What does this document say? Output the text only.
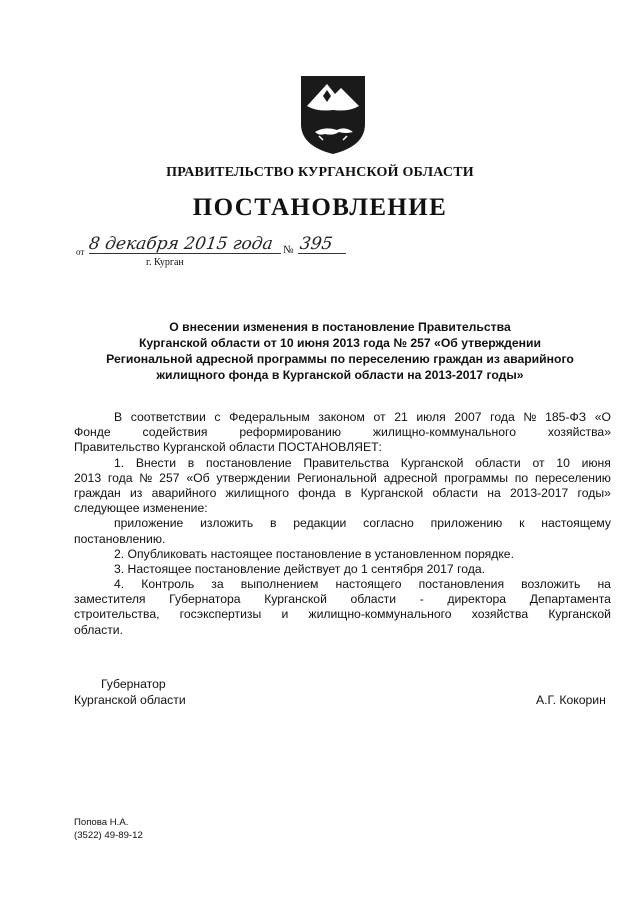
ПРАВИТЕЛЬСТВО КУРГАНСКОЙ ОБЛАСТИ
ПОСТАНОВЛЕНИЕ
от 8 декабря 2015 года № 395
г. Курган
О внесении изменения в постановление Правительства
Курганской области от 10 июня 2013 года № 257 «Об утверждении
Региональной адресной программы по переселению граждан из аварийного
жилищного фонда в Курганской области на 2013-2017 годы»
В соответствии с Федеральным законом от 21 июля 2007 года № 185-ФЗ «О
Фонде	содействия	реформированию	жилищно-коммунального	хозяйства»
Правительство Курганской области ПОСТАНОВЛЯЕТ:
1. Внести в постановление Правительства Курганской области от 10 июня
2013 года № 257 «Об утверждении Региональной адресной программы по переселению
граждан из аварийного жилищного фонда в Курганской области на 2013-2017 годы»
следующее изменение:
приложение изложить в редакции согласно приложению к настоящему
постановлению.
2. Опубликовать настоящее постановление в установленном порядке.
3. Настоящее постановление действует до 1 сентября 2017 года.
4. Контроль за выполнением настоящего постановления возложить на
заместителя Губернатора Курганской области - директора Департамента
строительства, госэкспертизы и жилищно-коммунального хозяйства Курганской
области.
Губернатор
Курганской области	А.Г. Кокорин
Попова Н.А.
(3522) 49-89-12
